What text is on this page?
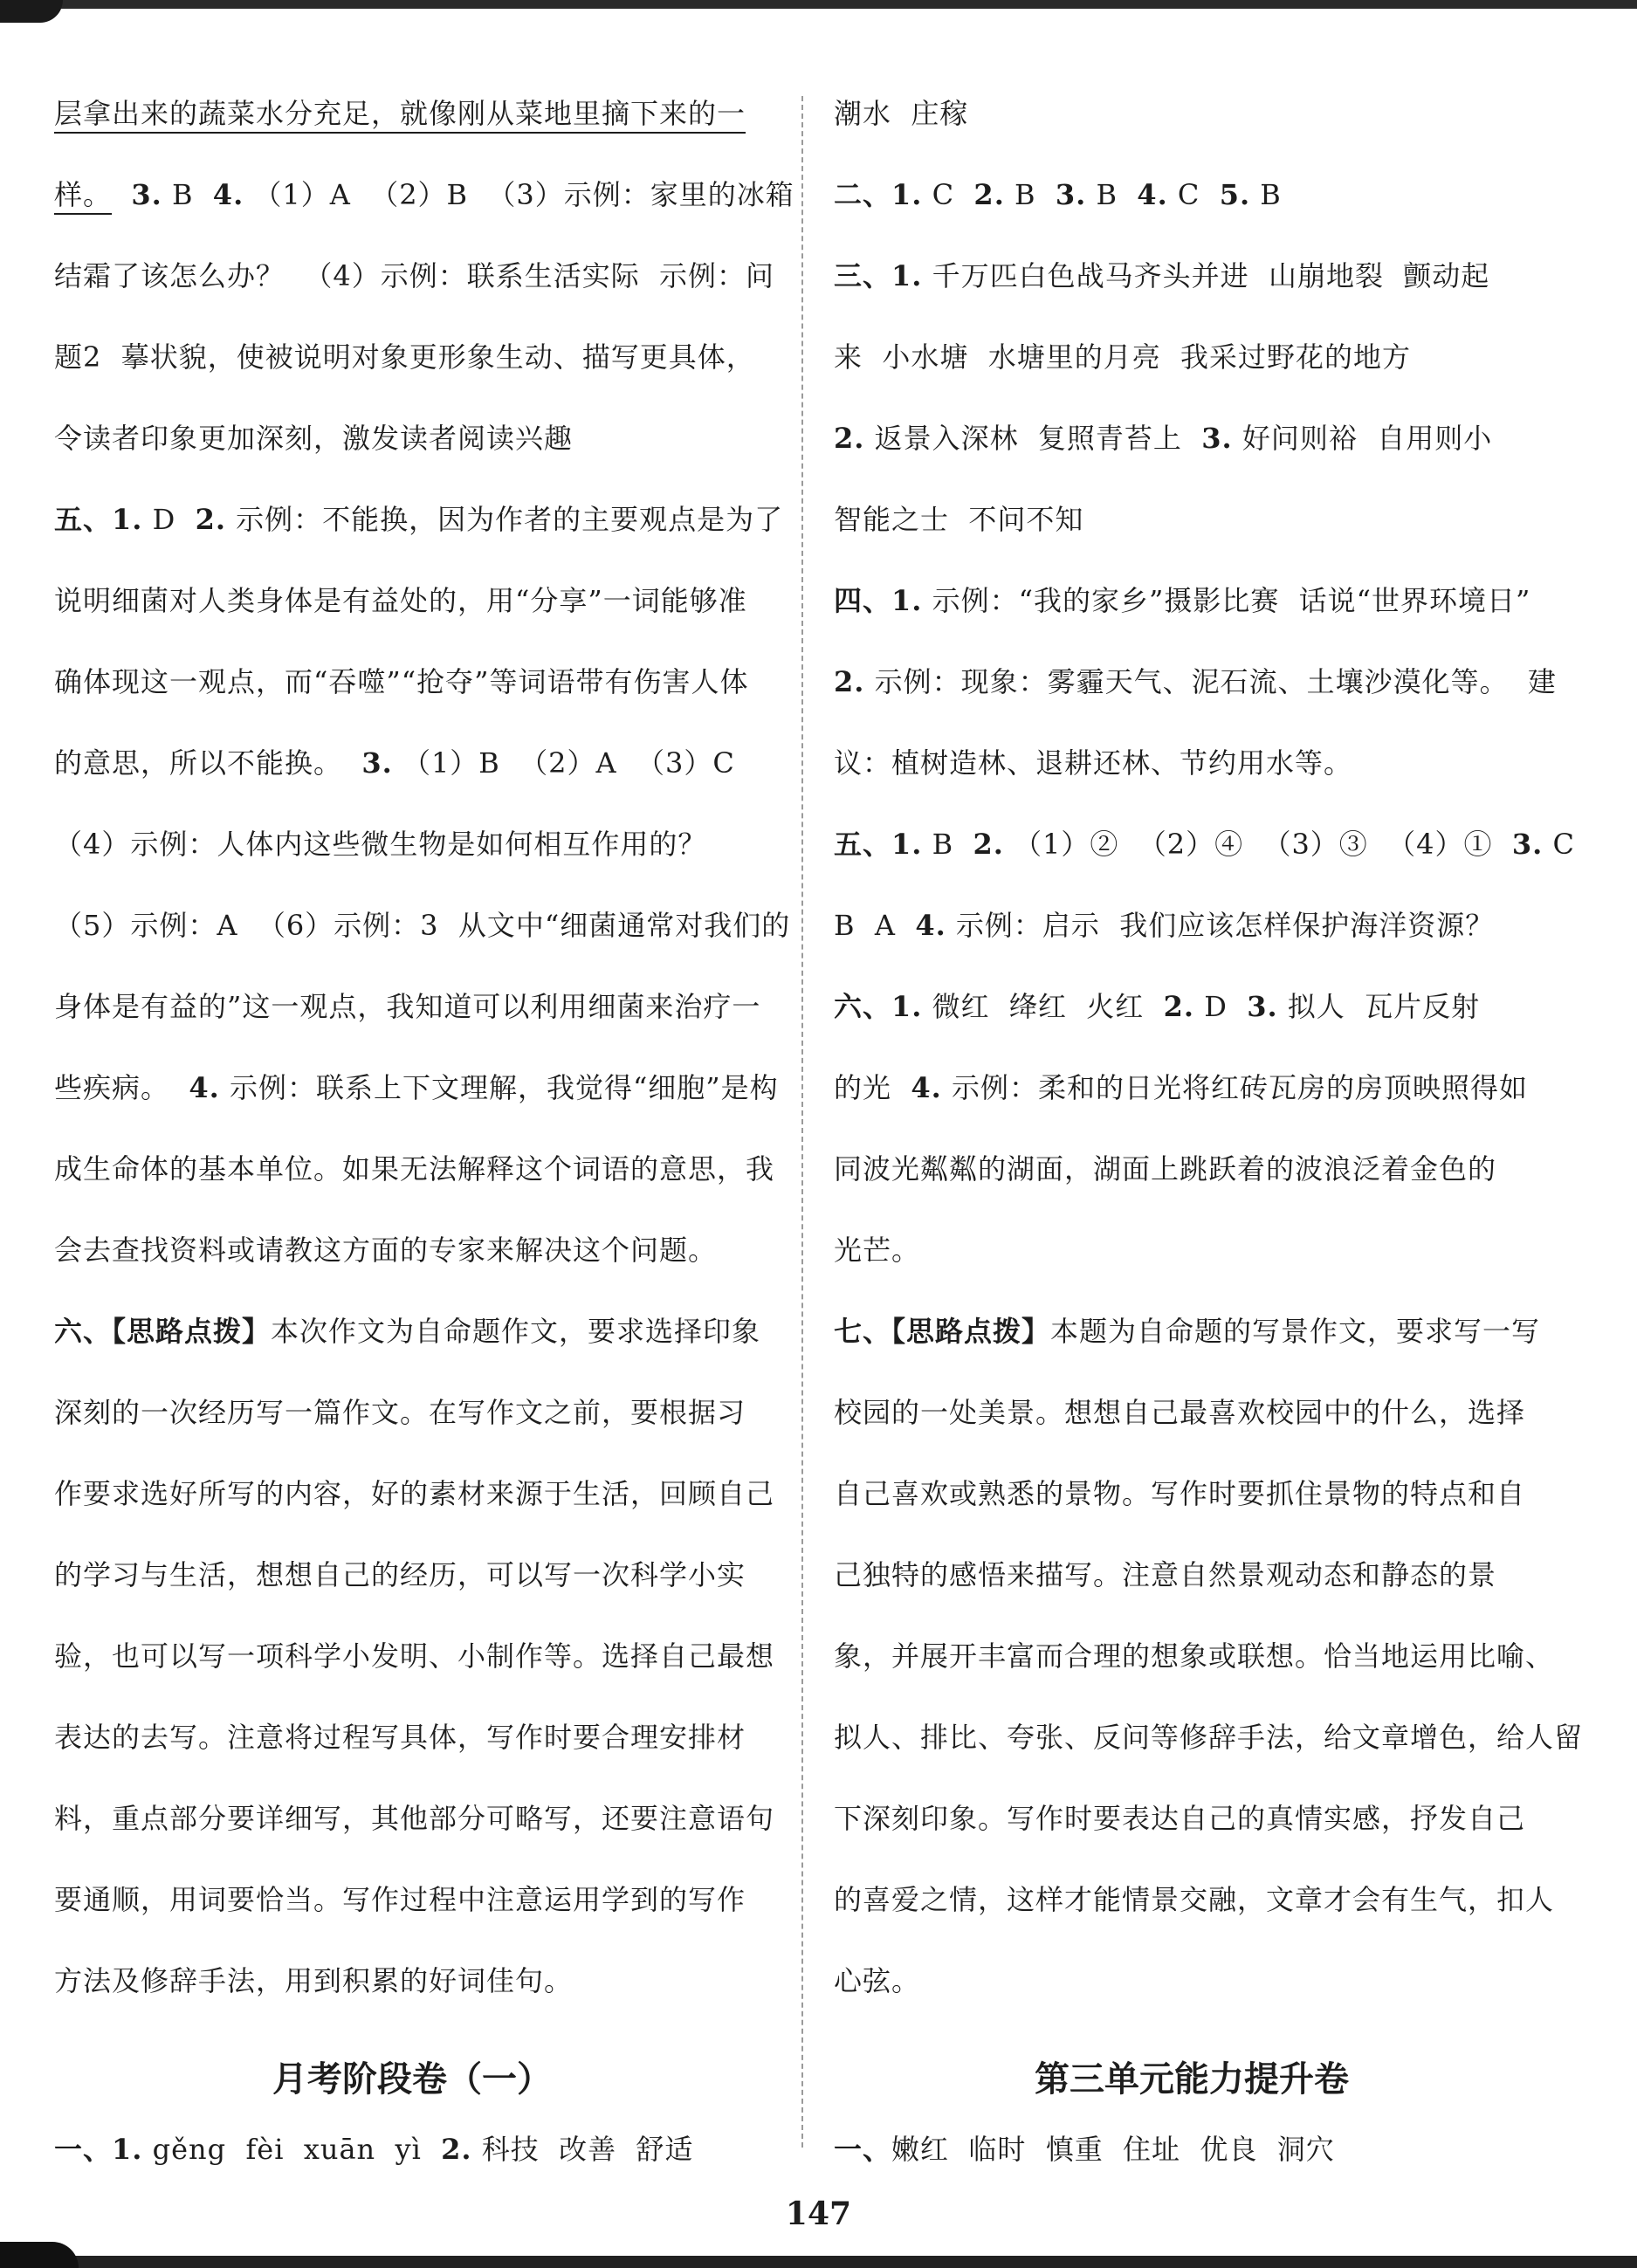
层拿出来的蔬菜水分充足，就像刚从菜地里摘下来的一
样。 3. B  4. （1）A  （2）B  （3）示例：家里的冰箱
结霜了该怎么办？  （4）示例：联系生活实际  示例：问
题2  摹状貌，使被说明对象更形象生动、描写更具体，
令读者印象更加深刻，激发读者阅读兴趣
五、1. D  2. 示例：不能换，因为作者的主要观点是为了
说明细菌对人类身体是有益处的，用“分享”一词能够准
确体现这一观点，而“吞噬”“抢夺”等词语带有伤害人体
的意思，所以不能换。  3. （1）B  （2）A  （3）C
（4）示例：人体内这些微生物是如何相互作用的？
（5）示例：A  （6）示例：3  从文中“细菌通常对我们的
身体是有益的”这一观点，我知道可以利用细菌来治疗一
些疾病。  4. 示例：联系上下文理解，我觉得“细胞”是构
成生命体的基本单位。如果无法解释这个词语的意思，我
会去查找资料或请教这方面的专家来解决这个问题。
六、【思路点拨】本次作文为自命题作文，要求选择印象
深刻的一次经历写一篇作文。在写作文之前，要根据习
作要求选好所写的内容，好的素材来源于生活，回顾自己
的学习与生活，想想自己的经历，可以写一次科学小实
验，也可以写一项科学小发明、小制作等。选择自己最想
表达的去写。注意将过程写具体，写作时要合理安排材
料，重点部分要详细写，其他部分可略写，还要注意语句
要通顺，用词要恰当。写作过程中注意运用学到的写作
方法及修辞手法，用到积累的好词佳句。
月考阶段卷（一）
一、1. gěng  fèi  xuān  yì  2. 科技  改善  舒适
潮水  庄稼
二、1. C  2. B  3. B  4. C  5. B
三、1. 千万匹白色战马齐头并进  山崩地裂  颤动起
来  小水塘  水塘里的月亮  我采过野花的地方
2. 返景入深林  复照青苔上  3. 好问则裕  自用则小
智能之士  不问不知
四、1. 示例：“我的家乡”摄影比赛  话说“世界环境日”
2. 示例：现象：雾霾天气、泥石流、土壤沙漠化等。  建
议：植树造林、退耕还林、节约用水等。
五、1. B  2. （1）②  （2）④  （3）③  （4）①  3. C
B  A  4. 示例：启示  我们应该怎样保护海洋资源？
六、1. 微红  绛红  火红  2. D  3. 拟人  瓦片反射
的光  4. 示例：柔和的日光将红砖瓦房的房顶映照得如
同波光粼粼的湖面，湖面上跳跃着的波浪泛着金色的
光芒。
七、【思路点拨】本题为自命题的写景作文，要求写一写
校园的一处美景。想想自己最喜欢校园中的什么，选择
自己喜欢或熟悉的景物。写作时要抓住景物的特点和自
己独特的感悟来描写。注意自然景观动态和静态的景
象，并展开丰富而合理的想象或联想。恰当地运用比喻、
拟人、排比、夸张、反问等修辞手法，给文章增色，给人留
下深刻印象。写作时要表达自己的真情实感，抒发自己
的喜爱之情，这样才能情景交融，文章才会有生气，扣人
心弦。
第三单元能力提升卷
一、嫩红  临时  慎重  住址  优良  洞穴
147
